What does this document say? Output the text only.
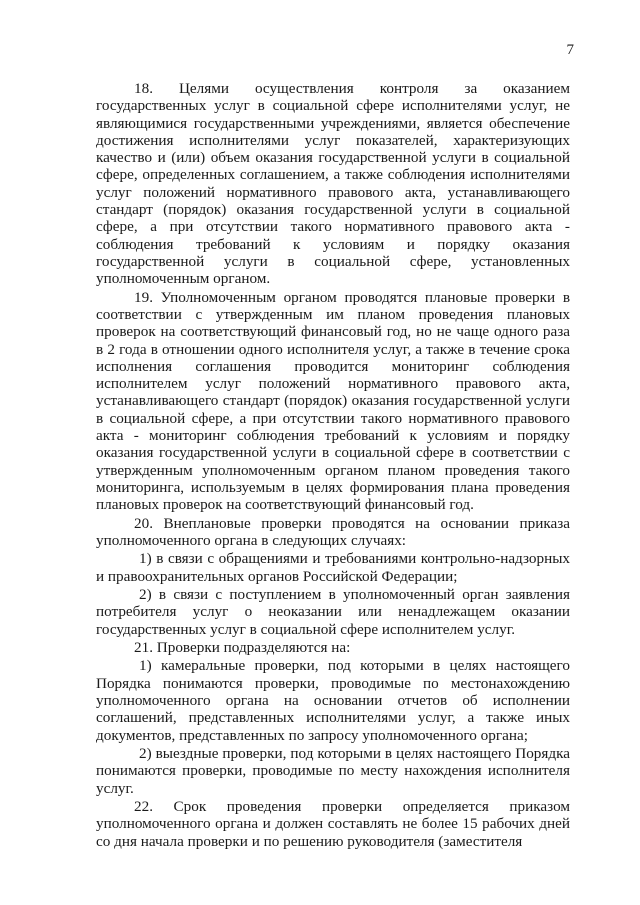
7

18. Целями осуществления контроля за оказанием государственных услуг в социальной сфере исполнителями услуг, не являющимися государственными учреждениями, является обеспечение достижения исполнителями услуг показателей, характеризующих качество и (или) объем оказания государственной услуги в социальной сфере, определенных соглашением, а также соблюдения исполнителями услуг положений нормативного правового акта, устанавливающего стандарт (порядок) оказания государственной услуги в социальной сфере, а при отсутствии такого нормативного правового акта - соблюдения требований к условиям и порядку оказания государственной услуги в социальной сфере, установленных уполномоченным органом.

19. Уполномоченным органом проводятся плановые проверки в соответствии с утвержденным им планом проведения плановых проверок на соответствующий финансовый год, но не чаще одного раза в 2 года в отношении одного исполнителя услуг, а также в течение срока исполнения соглашения проводится мониторинг соблюдения исполнителем услуг положений нормативного правового акта, устанавливающего стандарт (порядок) оказания государственной услуги в социальной сфере, а при отсутствии такого нормативного правового акта - мониторинг соблюдения требований к условиям и порядку оказания государственной услуги в социальной сфере в соответствии с утвержденным уполномоченным органом планом проведения такого мониторинга, используемым в целях формирования плана проведения плановых проверок на соответствующий финансовый год.

20. Внеплановые проверки проводятся на основании приказа уполномоченного органа в следующих случаях:

1) в связи с обращениями и требованиями контрольно-надзорных и правоохранительных органов Российской Федерации;

2) в связи с поступлением в уполномоченный орган заявления потребителя услуг о неоказании или ненадлежащем оказании государственных услуг в социальной сфере исполнителем услуг.

21. Проверки подразделяются на:

1) камеральные проверки, под которыми в целях настоящего Порядка понимаются проверки, проводимые по местонахождению уполномоченного органа на основании отчетов об исполнении соглашений, представленных исполнителями услуг, а также иных документов, представленных по запросу уполномоченного органа;

2) выездные проверки, под которыми в целях настоящего Порядка понимаются проверки, проводимые по месту нахождения исполнителя услуг.

22. Срок проведения проверки определяется приказом уполномоченного органа и должен составлять не более 15 рабочих дней со дня начала проверки и по решению руководителя (заместителя
